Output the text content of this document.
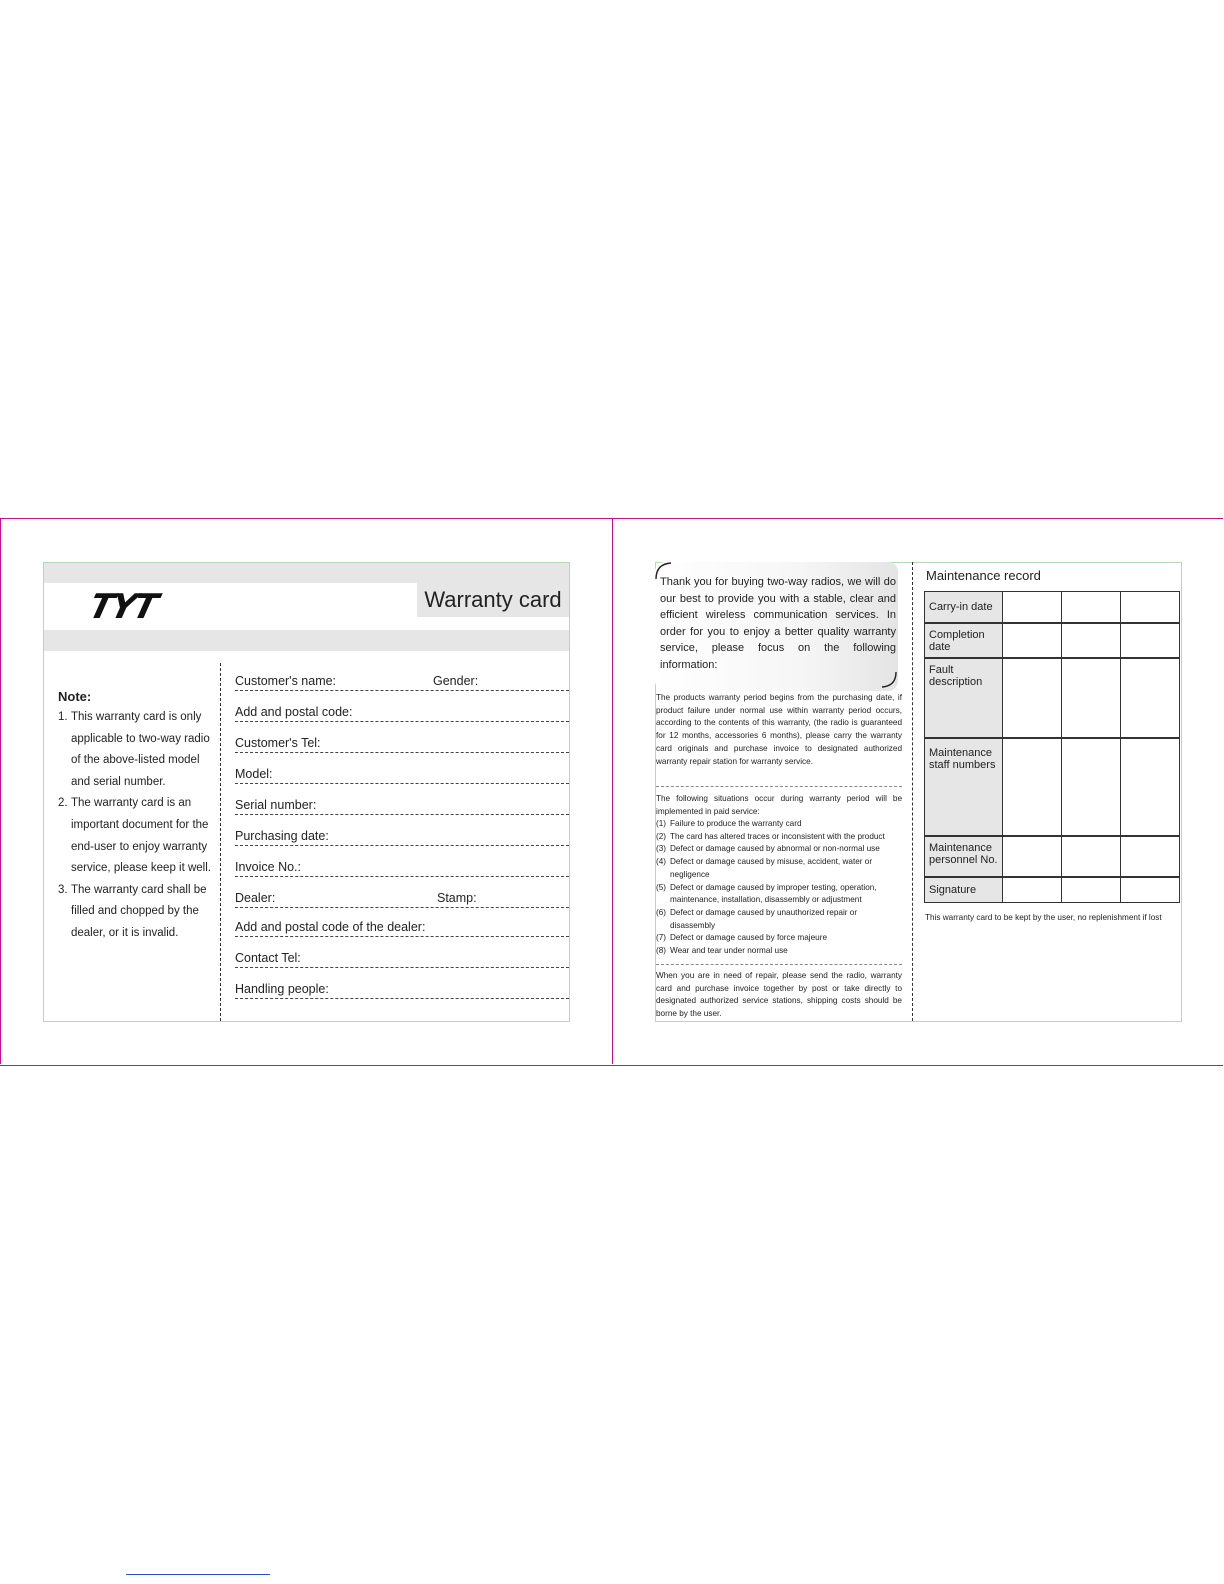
Warranty card
TYT
Note:
1. This warranty card is only
applicable to two-way radio
of the above-listed model
and serial number.
2. The warranty card is an
important document for the
end-user to enjoy warranty
service, please keep it well.
3. The warranty card shall be
filled and chopped by the
dealer, or it is invalid.
Customer's name:	Gender:
Add and postal code:
Customer's Tel:
Model:
Serial number:
Purchasing date:
Invoice No.:
Dealer:	Stamp:
Add and postal code of the dealer:
Contact Tel:
Handling people:
Thank you for buying two-way radios, we will do our best to provide you with a stable, clear and efficient wireless communication services. In order for you to enjoy a better quality warranty service, please focus on the following information:
The products warranty period begins from the purchasing date, if product failure under normal use within warranty period occurs, according to the contents of this warranty, (the radio is guaranteed for 12 months, accessories 6 months), please carry the warranty card originals and purchase invoice to designated authorized warranty repair station for warranty service.
The following situations occur during warranty period will be implemented in paid service:
(1) Failure to produce the warranty card
(2) The card has altered traces or inconsistent with the product
(3) Defect or damage caused by abnormal or non-normal use
(4) Defect or damage caused by misuse, accident, water or negligence
(5) Defect or damage caused by improper testing, operation, maintenance, installation, disassembly or adjustment
(6) Defect or damage caused by unauthorized repair or disassembly
(7) Defect or damage caused by force majeure
(8) Wear and tear under normal use
When you are in need of repair, please send the radio, warranty card and purchase invoice together by post or take directly to designated authorized service stations, shipping costs should be borne by the user.
Maintenance record
Carry-in date			
Completion date			
Fault description			
Maintenance staff numbers			
Maintenance personnel No.			
Signature			
This warranty card to be kept by the user, no replenishment if lost
